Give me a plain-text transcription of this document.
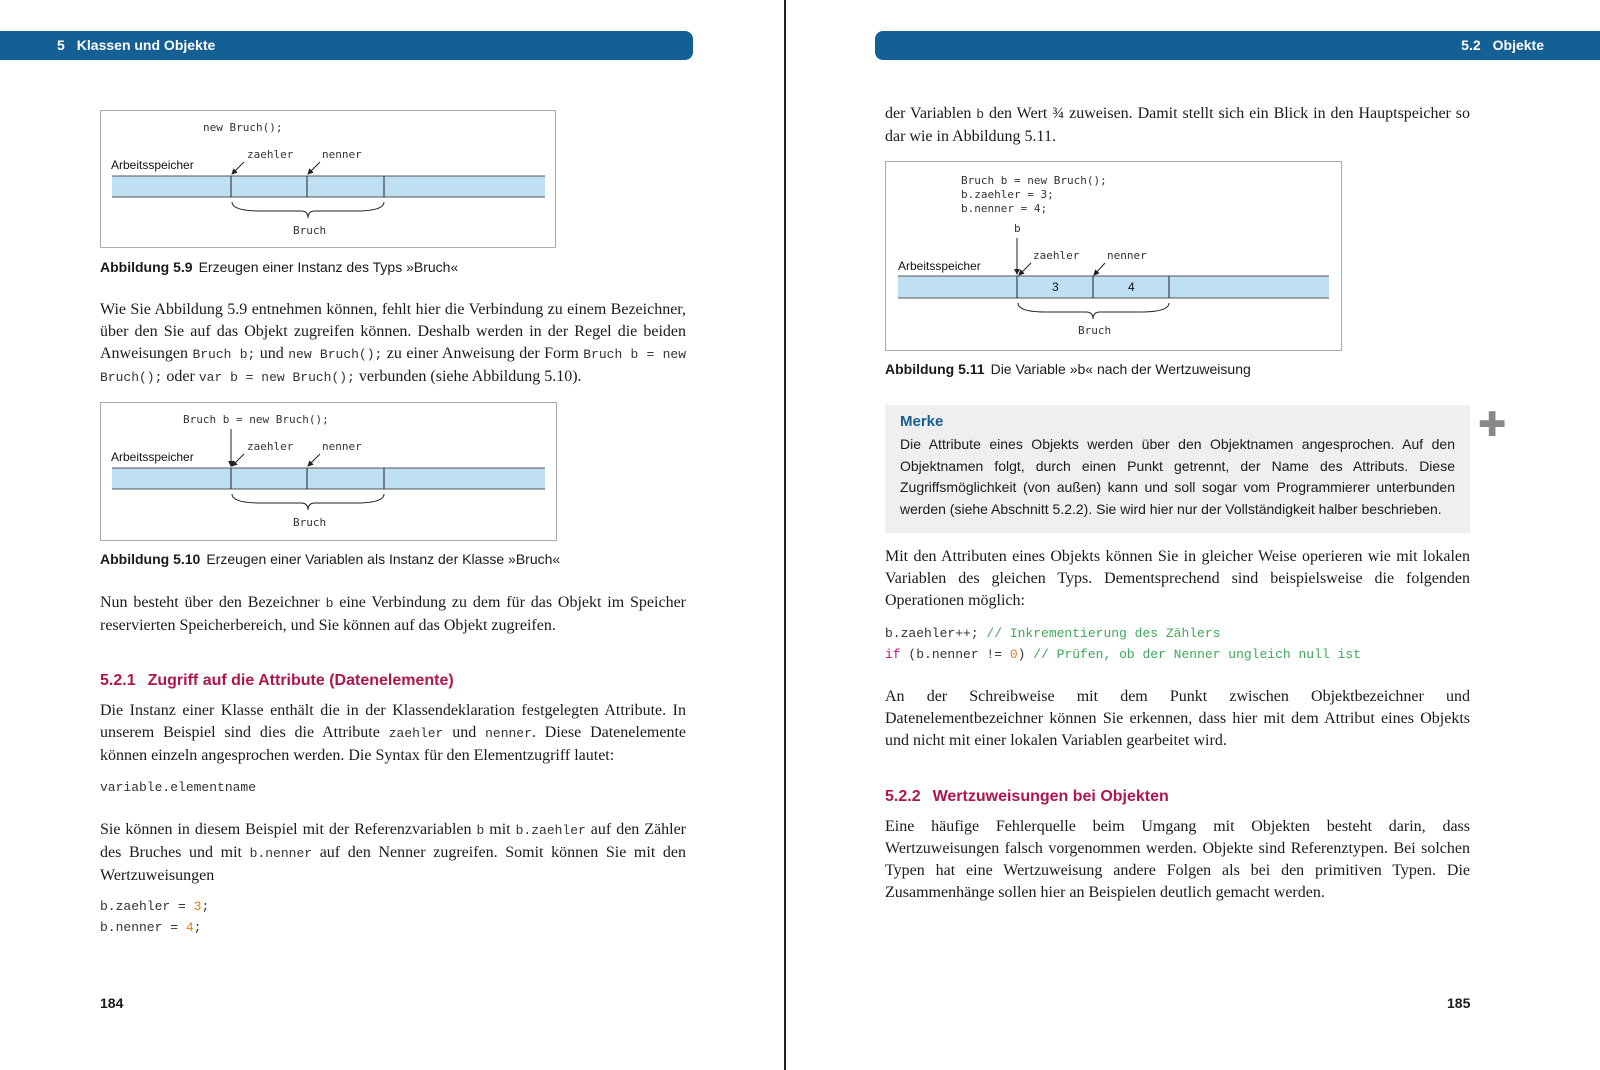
5 Klassen und Objekte
new Bruch();
Arbeitsspeicher
zaehler	nenner
Bruch
Abbildung 5.9 Erzeugen einer Instanz des Typs »Bruch«

Wie Sie Abbildung 5.9 entnehmen können, fehlt hier die Verbindung zu einem Bezeichner, über den Sie auf das Objekt zugreifen können. Deshalb werden in der Regel die beiden Anweisungen Bruch b; und new Bruch(); zu einer Anweisung der Form Bruch b = new Bruch(); oder var b = new Bruch(); verbunden (siehe Abbildung 5.10).

Bruch b = new Bruch();
Arbeitsspeicher
zaehler	nenner
Bruch
Abbildung 5.10 Erzeugen einer Variablen als Instanz der Klasse »Bruch«

Nun besteht über den Bezeichner b eine Verbindung zu dem für das Objekt im Speicher reservierten Speicherbereich, und Sie können auf das Objekt zugreifen.

5.2.1 Zugriff auf die Attribute (Datenelemente)

Die Instanz einer Klasse enthält die in der Klassendeklaration festgelegten Attribute. In unserem Beispiel sind dies die Attribute zaehler und nenner. Diese Datenelemente können einzeln angesprochen werden. Die Syntax für den Elementzugriff lautet:

variable.elementname

Sie können in diesem Beispiel mit der Referenzvariablen b mit b.zaehler auf den Zähler des Bruches und mit b.nenner auf den Nenner zugreifen. Somit können Sie mit den Wertzuweisungen

b.zaehler = 3;
b.nenner = 4;
184
5.2 Objekte

der Variablen b den Wert ¾ zuweisen. Damit stellt sich ein Blick in den Hauptspeicher so dar wie in Abbildung 5.11.

Bruch b = new Bruch();
b.zaehler = 3;
b.nenner = 4;
b
Arbeitsspeicher
zaehler	nenner
3	4
Bruch
Abbildung 5.11 Die Variable »b« nach der Wertzuweisung
Merke

Die Attribute eines Objekts werden über den Objektnamen angesprochen. Auf den Objektnamen folgt, durch einen Punkt getrennt, der Name des Attributs. Diese Zugriffsmöglichkeit (von außen) kann und soll sogar vom Programmierer unterbunden werden (siehe Abschnitt 5.2.2). Sie wird hier nur der Vollständigkeit halber beschrieben.

✚

Mit den Attributen eines Objekts können Sie in gleicher Weise operieren wie mit lokalen Variablen des gleichen Typs. Dementsprechend sind beispielsweise die folgenden Operationen möglich:

b.zaehler++; // Inkrementierung des Zählers
if (b.nenner != 0) // Prüfen, ob der Nenner ungleich null ist

An der Schreibweise mit dem Punkt zwischen Objektbezeichner und Datenelementbezeichner können Sie erkennen, dass hier mit dem Attribut eines Objekts und nicht mit einer lokalen Variablen gearbeitet wird.

5.2.2 Wertzuweisungen bei Objekten

Eine häufige Fehlerquelle beim Umgang mit Objekten besteht darin, dass Wertzuweisungen falsch vorgenommen werden. Objekte sind Referenztypen. Bei solchen Typen hat eine Wertzuweisung andere Folgen als bei den primitiven Typen. Die Zusammenhänge sollen hier an Beispielen deutlich gemacht werden.

185
